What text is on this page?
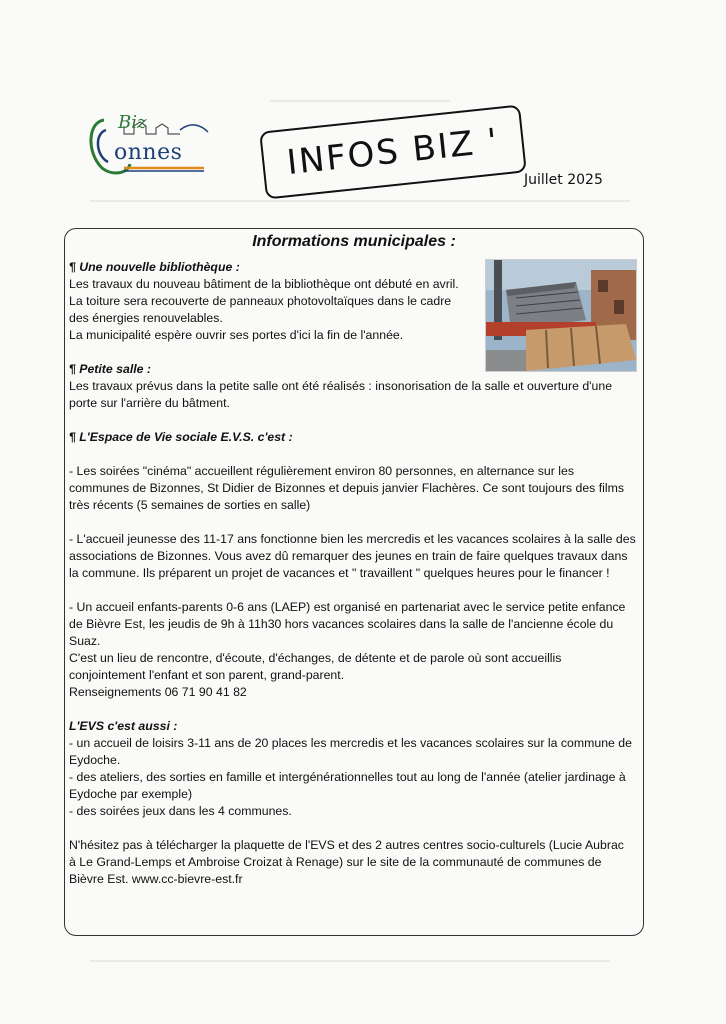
Biz
onnes	INFOS BIZ ' Juillet 2025
Informations municipales :

¶ Une nouvelle bibliothèque :

Les travaux du nouveau bâtiment de la bibliothèque ont débuté en avril.

La toiture sera recouverte de panneaux photovoltaïques dans le cadre

des énergies renouvelables.

La municipalité espère ouvrir ses portes d'ici la fin de l'année.

¶ Petite salle :

Les travaux prévus dans la petite salle ont été réalisés : insonorisation de la salle et ouverture d'une

porte sur l'arrière du bâtment.

¶ L'Espace de Vie sociale E.V.S. c'est :

- Les soirées "cinéma" accueillent régulièrement environ 80 personnes, en alternance sur les

communes de Bizonnes, St Didier de Bizonnes et depuis janvier Flachères. Ce sont toujours des films

très récents (5 semaines de sorties en salle)

- L'accueil jeunesse des 11-17 ans fonctionne bien les mercredis et les vacances scolaires à la salle des

associations de Bizonnes. Vous avez dû remarquer des jeunes en train de faire quelques travaux dans

la commune. Ils préparent un projet de vacances et " travaillent " quelques heures pour le financer !

- Un accueil enfants-parents 0-6 ans (LAEP) est organisé en partenariat avec le service petite enfance

de Bièvre Est, les jeudis de 9h à 11h30 hors vacances scolaires dans la salle de l'ancienne école du

Suaz.

C'est un lieu de rencontre, d'écoute, d'échanges, de détente et de parole où sont accueillis

conjointement l'enfant et son parent, grand-parent.

Renseignements 06 71 90 41 82

L'EVS c'est aussi :

- un accueil de loisirs 3-11 ans de 20 places les mercredis et les vacances scolaires sur la commune de

Eydoche.

- des ateliers, des sorties en famille et intergénérationnelles tout au long de l'année (atelier jardinage à

Eydoche par exemple)

- des soirées jeux dans les 4 communes.

N'hésitez pas à télécharger la plaquette de l'EVS et des 2 autres centres socio-culturels (Lucie Aubrac

à Le Grand-Lemps et Ambroise Croizat à Renage) sur le site de la communauté de communes de

Bièvre Est. www.cc-bievre-est.fr
